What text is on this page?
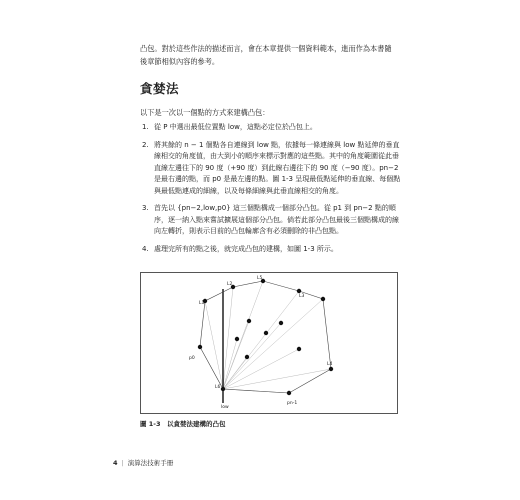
凸包。對於這些作法的描述而言，會在本章提供一個資料範本，進而作為本書隨後章節相似內容的參考。
貪婪法
以下是一次以一個點的方式來建構凸包：
1. 從 P 中選出最低位置點 low，這點必定位於凸包上。
2. 將其餘的 n − 1 個點各自連線到 low 點，依據每一條連線與 low 點延伸的垂直線相交的角度值，由大到小的順序來標示對應的這些點。其中的角度範圍從此垂直線左邊往下的 90 度（+90 度）到此線右邊往下的 90 度（−90 度）。pn−2 是最右邊的點，而 p0 是最左邊的點。圖 1-3 呈現最低點延伸的垂直線、每個點與最低點連成的細線，以及每條細線與此垂直線相交的角度。
3. 首先以 {pn−2,low,p0} 這三個點構成一個部分凸包。從 p1 到 pn−2 點的順序，逐一納入點來嘗試擴展這個部分凸包。倘若此部分凸包最後三個點構成的線向左轉折，則表示目前的凸包輪廓含有必須刪除的非凸包點。
4. 處理完所有的點之後，就完成凸包的建構，如圖 1-3 所示。
L1
L2
L3
L4
L5
L6
p0
low
pn-1
圖 1-3　以貪婪法建構的凸包
4 | 演算法技術手冊
